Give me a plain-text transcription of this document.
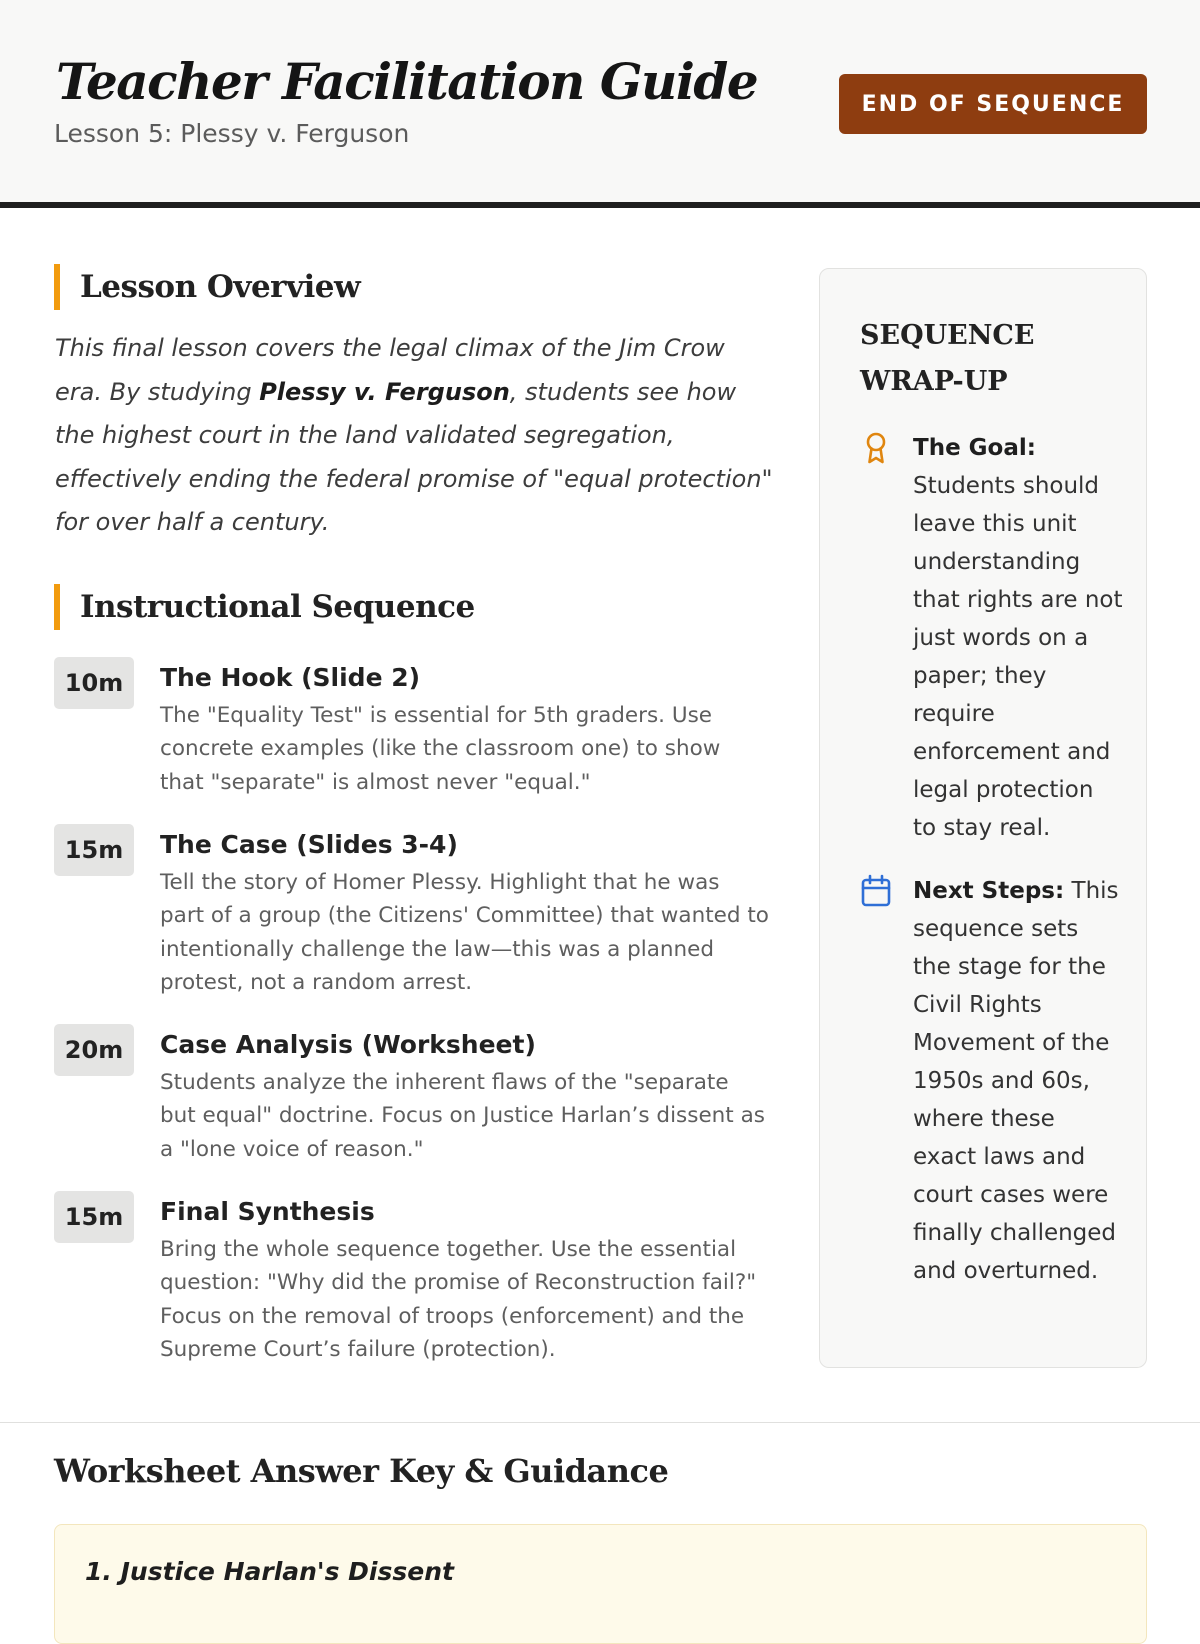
Teacher Facilitation Guide
Lesson 5: Plessy v. Ferguson
END OF SEQUENCE
Lesson Overview

This final lesson covers the legal climax of the Jim Crow era. By studying Plessy v. Ferguson, students see how the highest court in the land validated segregation, effectively ending the federal promise of "equal protection" for over half a century.

Instructional Sequence
10m	The Hook (Slide 2)
The "Equality Test" is essential for 5th graders. Use concrete examples (like the classroom one) to show that "separate" is almost never "equal."
15m	The Case (Slides 3-4)
Tell the story of Homer Plessy. Highlight that he was part of a group (the Citizens' Committee) that wanted to intentionally challenge the law—this was a planned protest, not a random arrest.
20m	Case Analysis (Worksheet)
Students analyze the inherent flaws of the "separate but equal" doctrine. Focus on Justice Harlan’s dissent as a "lone voice of reason."
15m	Final Synthesis
Bring the whole sequence together. Use the essential question: "Why did the promise of Reconstruction fail?" Focus on the removal of troops (enforcement) and the Supreme Court’s failure (protection).
SEQUENCE WRAP-UP
The Goal: Students should leave this unit understanding that rights are not just words on a paper; they require enforcement and legal protection to stay real.
Next Steps: This sequence sets the stage for the Civil Rights Movement of the 1950s and 60s, where these exact laws and court cases were finally challenged and overturned.
Worksheet Answer Key & Guidance
1. Justice Harlan's Dissent
